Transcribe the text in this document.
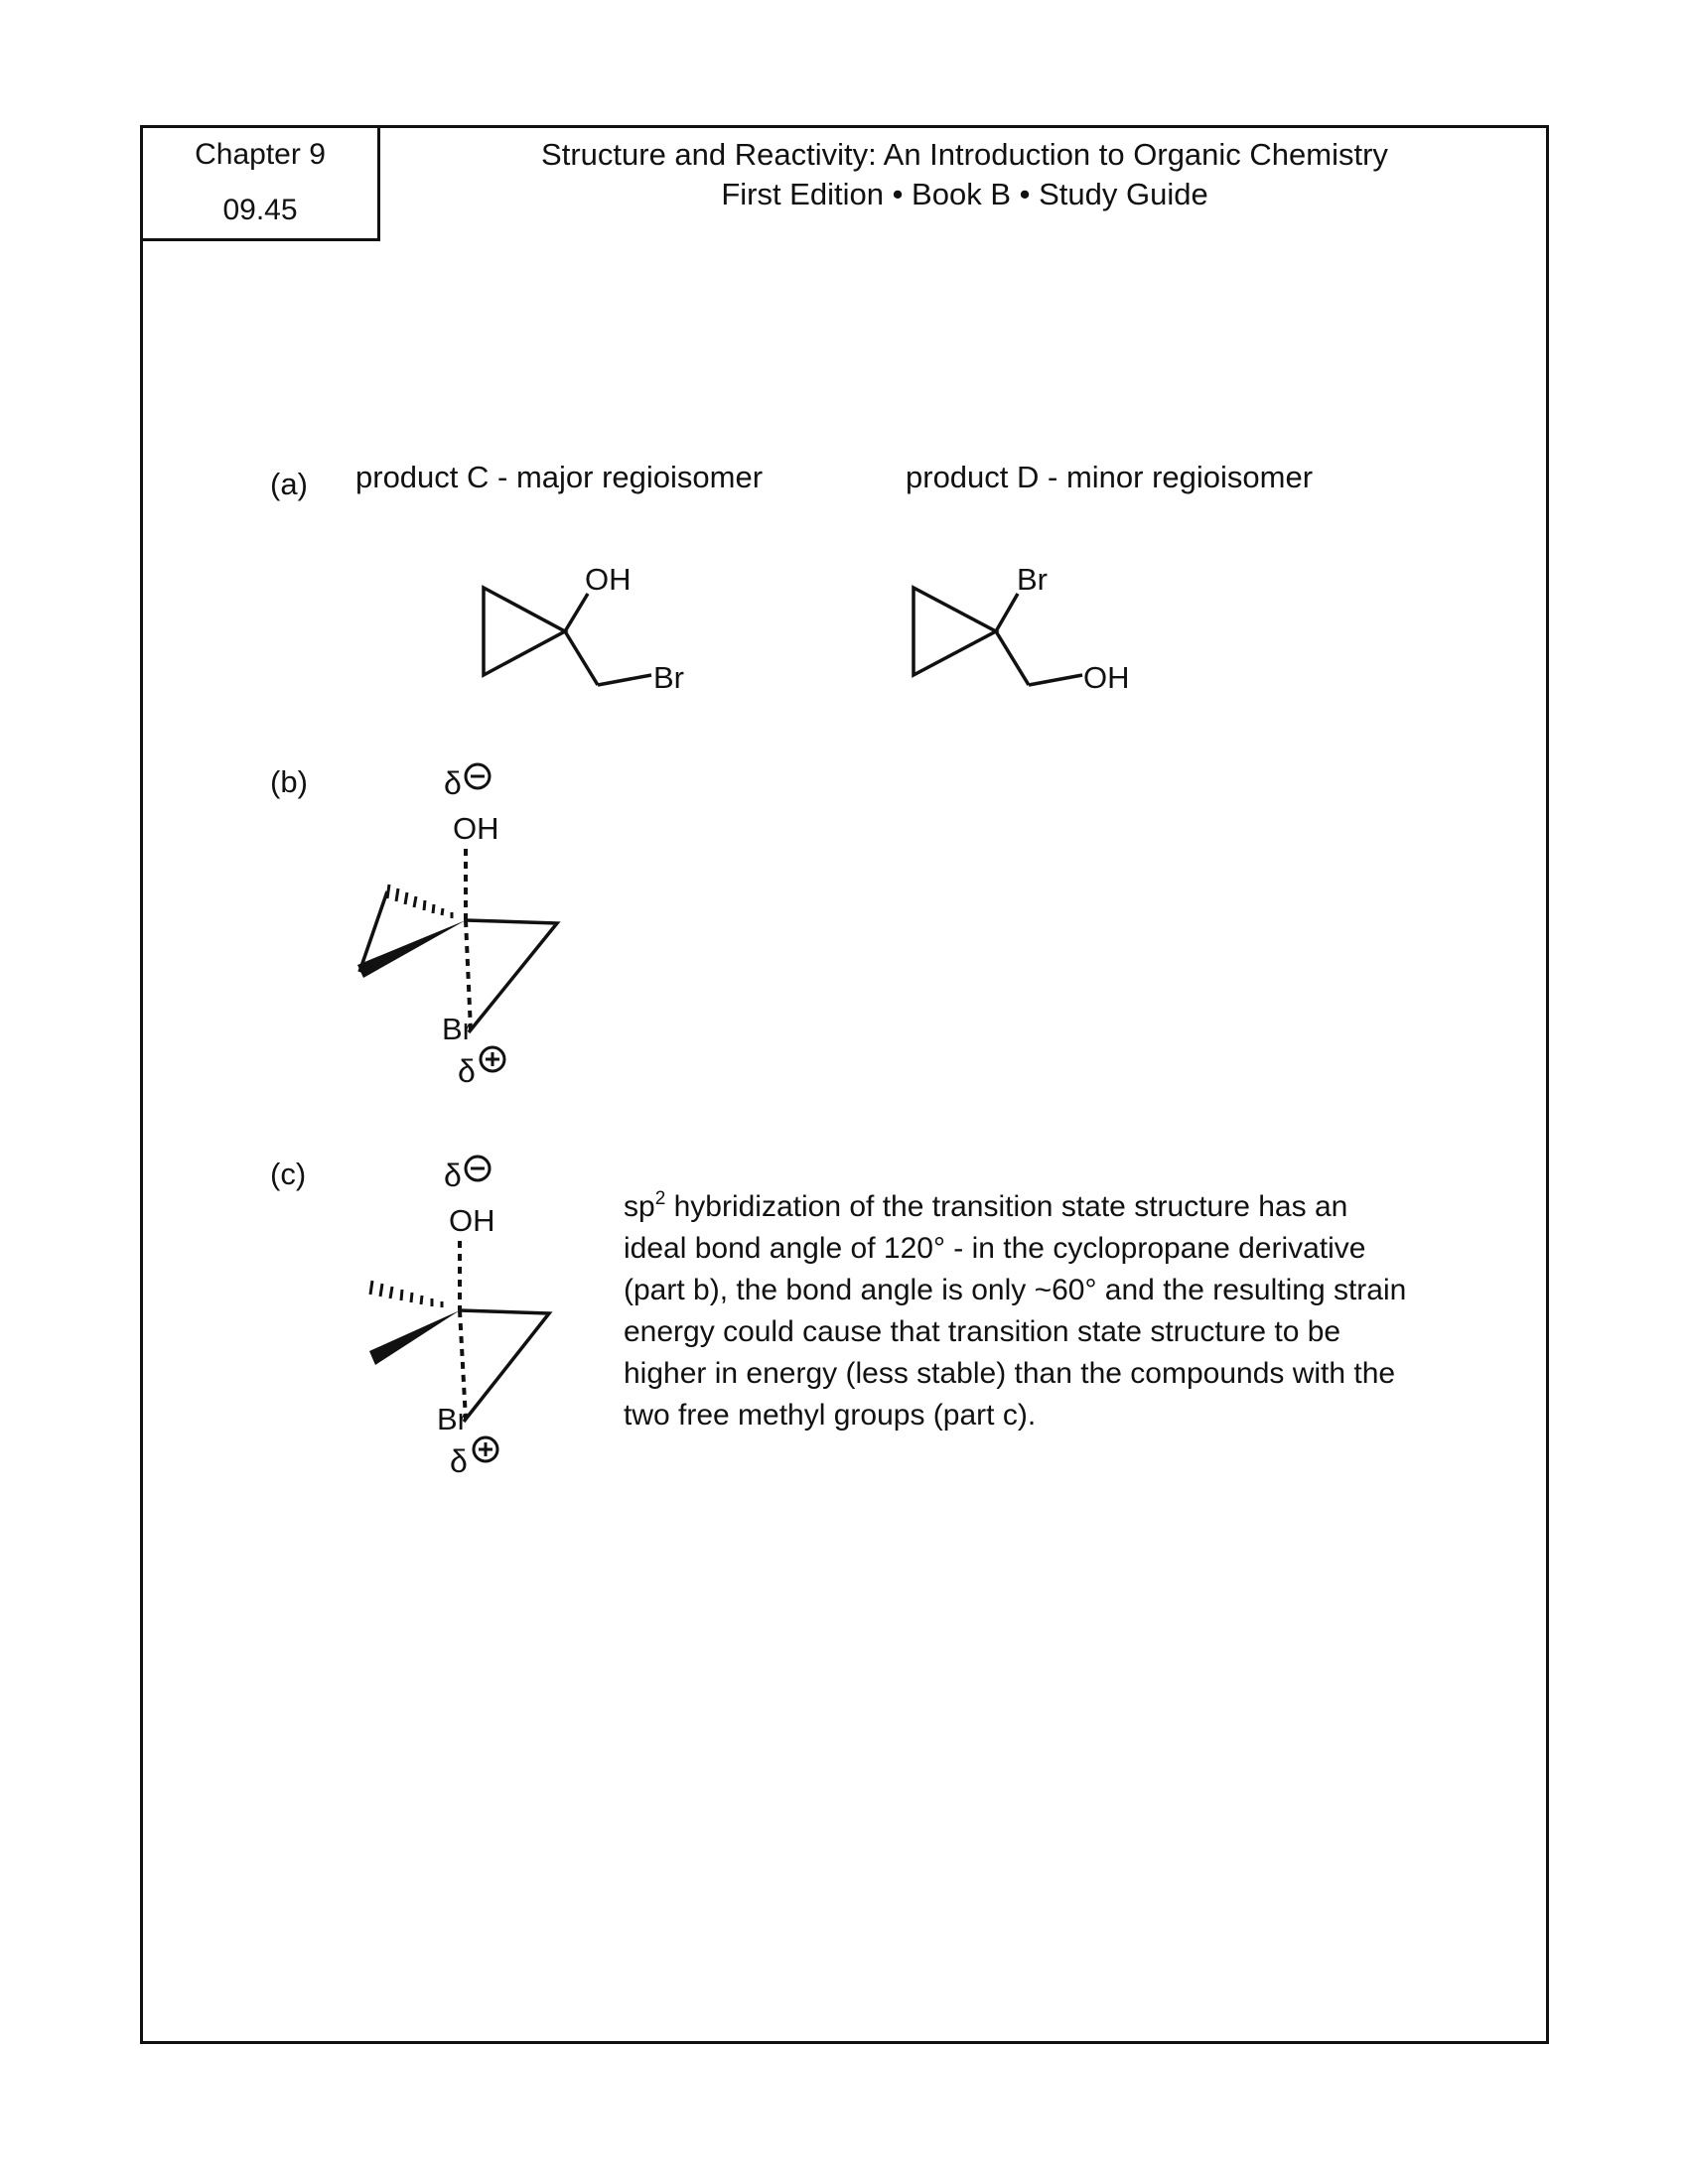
Chapter 9
09.45
Structure and Reactivity: An Introduction to Organic Chemistry
First Edition • Book B • Study Guide
(a) product C - major regioisomer	product D - minor regioisomer
(b)
(c)
$sp^2$ hybridization of the transition state structure has an
ideal bond angle of 120° - in the cyclopropane derivative
(part b), the bond angle is only ~60° and the resulting strain
energy could cause that transition state structure to be
higher in energy (less stable) than the compounds with the
two free methyl groups (part c).
OH
Br
Br
OH
δ
OH
Br
δ
δ
OH
Br
δ
